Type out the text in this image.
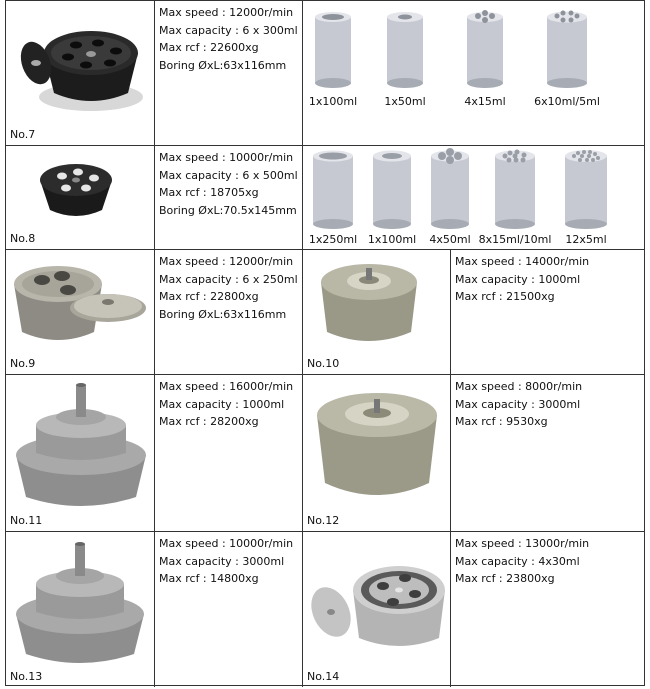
No.7
Max speed : 12000r/min
Max capacity : 6 x 300ml
Max rcf : 22600xg
Boring ØxL:63x116mm
1x100ml 1x50ml	4x15ml	6x10ml/5ml
No.8
Max speed : 10000r/min
Max capacity : 6 x 500ml
Max rcf : 18705xg
Boring ØxL:70.5x145mm
1x250ml 1x100ml 4x50ml 8x15ml/10ml 12x5ml
No.9
Max speed : 12000r/min
Max capacity : 6 x 250ml
Max rcf : 22800xg
Boring ØxL:63x116mm
No.10
Max speed : 14000r/min
Max capacity : 1000ml
Max rcf : 21500xg
No.11
Max speed : 16000r/min
Max capacity : 1000ml
Max rcf : 28200xg
No.12
Max speed : 8000r/min
Max capacity : 3000ml
Max rcf : 9530xg
No.13
Max speed : 10000r/min
Max capacity : 3000ml
Max rcf : 14800xg
No.14
Max speed : 13000r/min
Max capacity : 4x30ml
Max rcf : 23800xg
